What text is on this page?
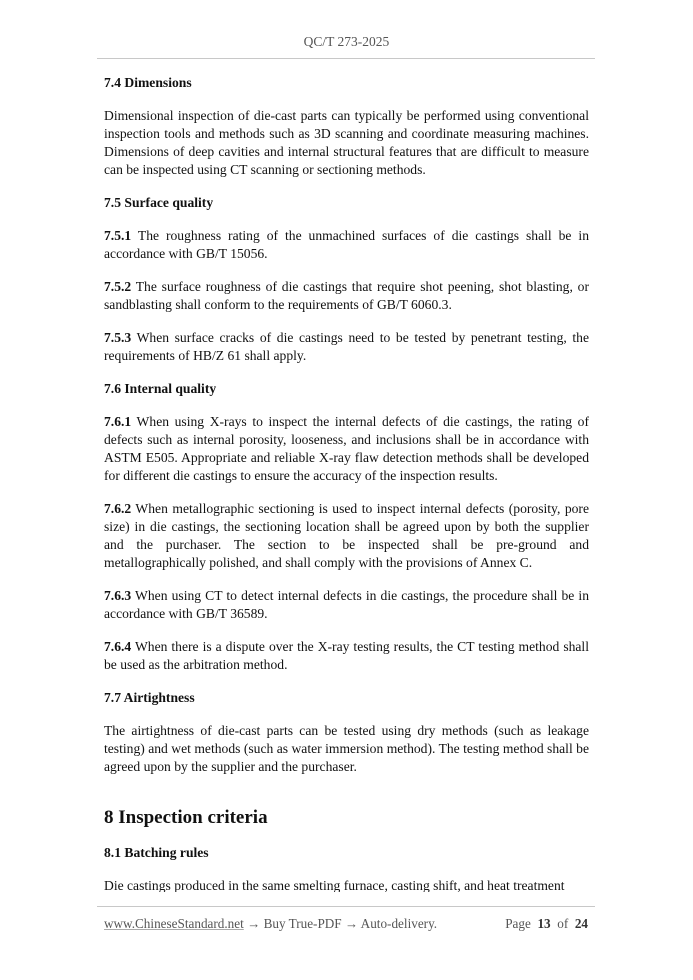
QC/T 273-2025
7.4 Dimensions

Dimensional inspection of die-cast parts can typically be performed using conventional inspection tools and methods such as 3D scanning and coordinate measuring machines. Dimensions of deep cavities and internal structural features that are difficult to measure can be inspected using CT scanning or sectioning methods.

7.5 Surface quality

7.5.1 The roughness rating of the unmachined surfaces of die castings shall be in accordance with GB/T 15056.

7.5.2 The surface roughness of die castings that require shot peening, shot blasting, or sandblasting shall conform to the requirements of GB/T 6060.3.

7.5.3 When surface cracks of die castings need to be tested by penetrant testing, the requirements of HB/Z 61 shall apply.

7.6 Internal quality

7.6.1 When using X-rays to inspect the internal defects of die castings, the rating of defects such as internal porosity, looseness, and inclusions shall be in accordance with ASTM E505. Appropriate and reliable X-ray flaw detection methods shall be developed for different die castings to ensure the accuracy of the inspection results.

7.6.2 When metallographic sectioning is used to inspect internal defects (porosity, pore size) in die castings, the sectioning location shall be agreed upon by both the supplier and the purchaser. The section to be inspected shall be pre-ground and metallographically polished, and shall comply with the provisions of Annex C.

7.6.3 When using CT to detect internal defects in die castings, the procedure shall be in accordance with GB/T 36589.

7.6.4 When there is a dispute over the X-ray testing results, the CT testing method shall be used as the arbitration method.

7.7 Airtightness

The airtightness of die-cast parts can be tested using dry methods (such as leakage testing) and wet methods (such as water immersion method). The testing method shall be agreed upon by the supplier and the purchaser.

8 Inspection criteria
8.1 Batching rules

Die castings produced in the same smelting furnace, casting shift, and heat treatment

www.ChineseStandard.net → Buy True-PDF → Auto-delivery.	Page 13 of 24
